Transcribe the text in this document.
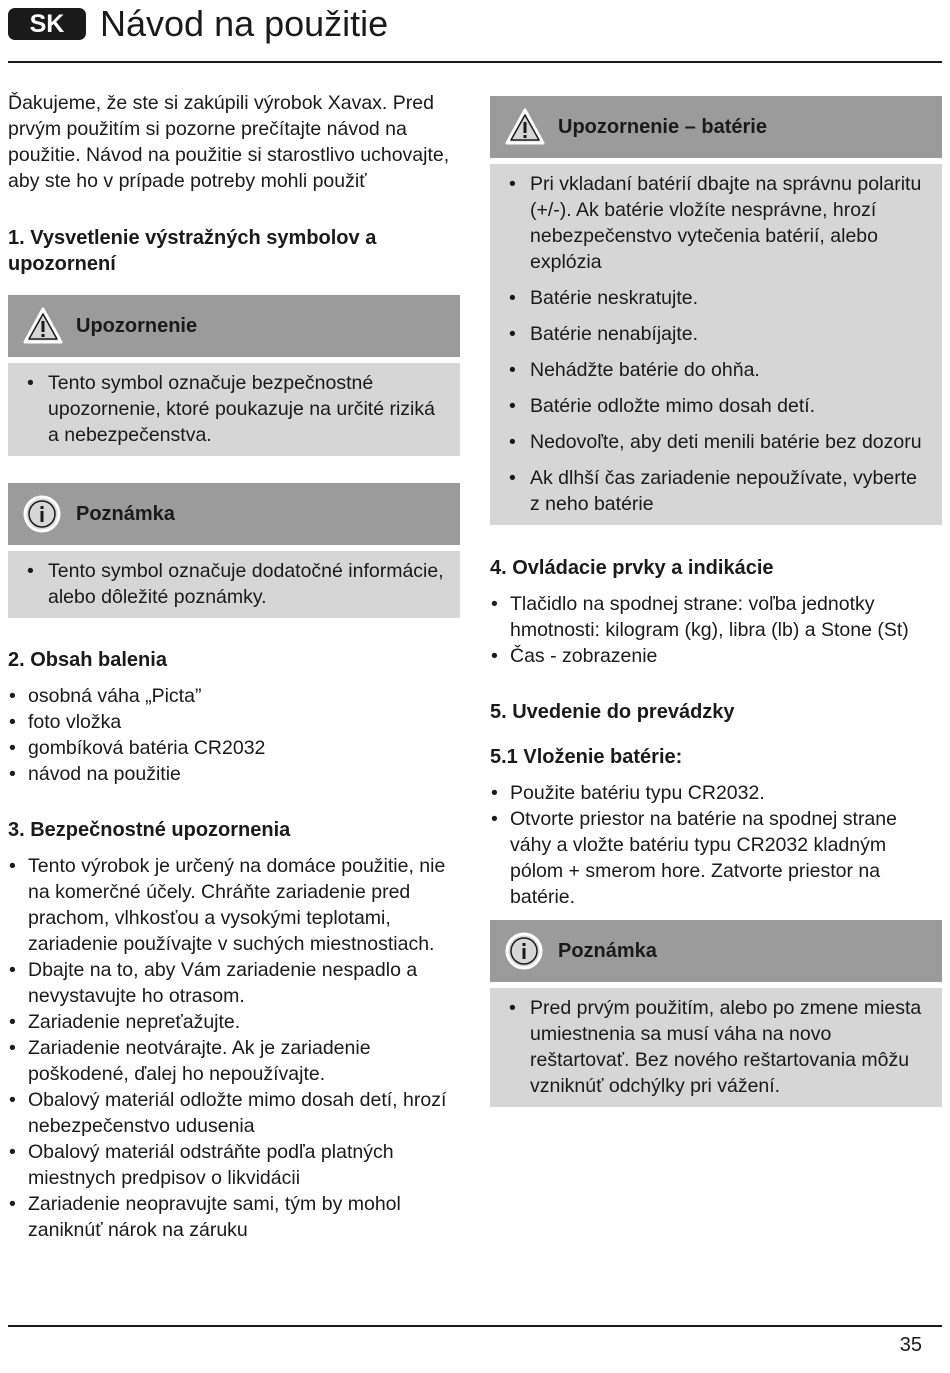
SK Návod na použitie

Ďakujeme, že ste si zakúpili výrobok Xavax. Pred prvým použitím si pozorne prečítajte návod na použitie. Návod na použitie si starostlivo uchovajte, aby ste ho v prípade potreby mohli použiť

1. Vysvetlenie výstražných symbolov a upozornení
Upozornenie
• Tento symbol označuje bezpečnostné upozornenie, ktoré poukazuje na určité riziká a nebezpečenstva.
Poznámka
• Tento symbol označuje dodatočné informácie, alebo dôležité poznámky.
2. Obsah balenia
• osobná váha „Picta”
• foto vložka
• gombíková batéria CR2032
• návod na použitie
3. Bezpečnostné upozornenia
• Tento výrobok je určený na domáce použitie, nie na komerčné účely. Chráňte zariadenie pred prachom, vlhkosťou a vysokými teplotami, zariadenie používajte v suchých miestnostiach.
• Dbajte na to, aby Vám zariadenie nespadlo a nevystavujte ho otrasom.
• Zariadenie nepreťažujte.
• Zariadenie neotvárajte. Ak je zariadenie poškodené, ďalej ho nepoužívajte.
• Obalový materiál odložte mimo dosah detí, hrozí nebezpečenstvo udusenia
• Obalový materiál odstráňte podľa platných miestnych predpisov o likvidácii
• Zariadenie neopravujte sami, tým by mohol zaniknúť nárok na záruku
Upozornenie – batérie
• Pri vkladaní batérií dbajte na správnu polaritu (+/-). Ak batérie vložíte nesprávne, hrozí nebezpečenstvo vytečenia batérií, alebo explózia
• Batérie neskratujte.
• Batérie nenabíjajte.
• Nehádžte batérie do ohňa.
• Batérie odložte mimo dosah detí.
• Nedovoľte, aby deti menili batérie bez dozoru
• Ak dlhší čas zariadenie nepoužívate, vyberte z neho batérie
4. Ovládacie prvky a indikácie
• Tlačidlo na spodnej strane: voľba jednotky hmotnosti: kilogram (kg), libra (lb) a Stone (St)
• Čas - zobrazenie
5. Uvedenie do prevádzky
5.1 Vloženie batérie:
• Použite batériu typu CR2032.
• Otvorte priestor na batérie na spodnej strane váhy a vložte batériu typu CR2032 kladným pólom + smerom hore. Zatvorte priestor na batérie.
Poznámka
• Pred prvým použitím, alebo po zmene miesta umiestnenia sa musí váha na novo reštartovať. Bez nového reštartovania môžu vzniknúť odchýlky pri vážení.
35
